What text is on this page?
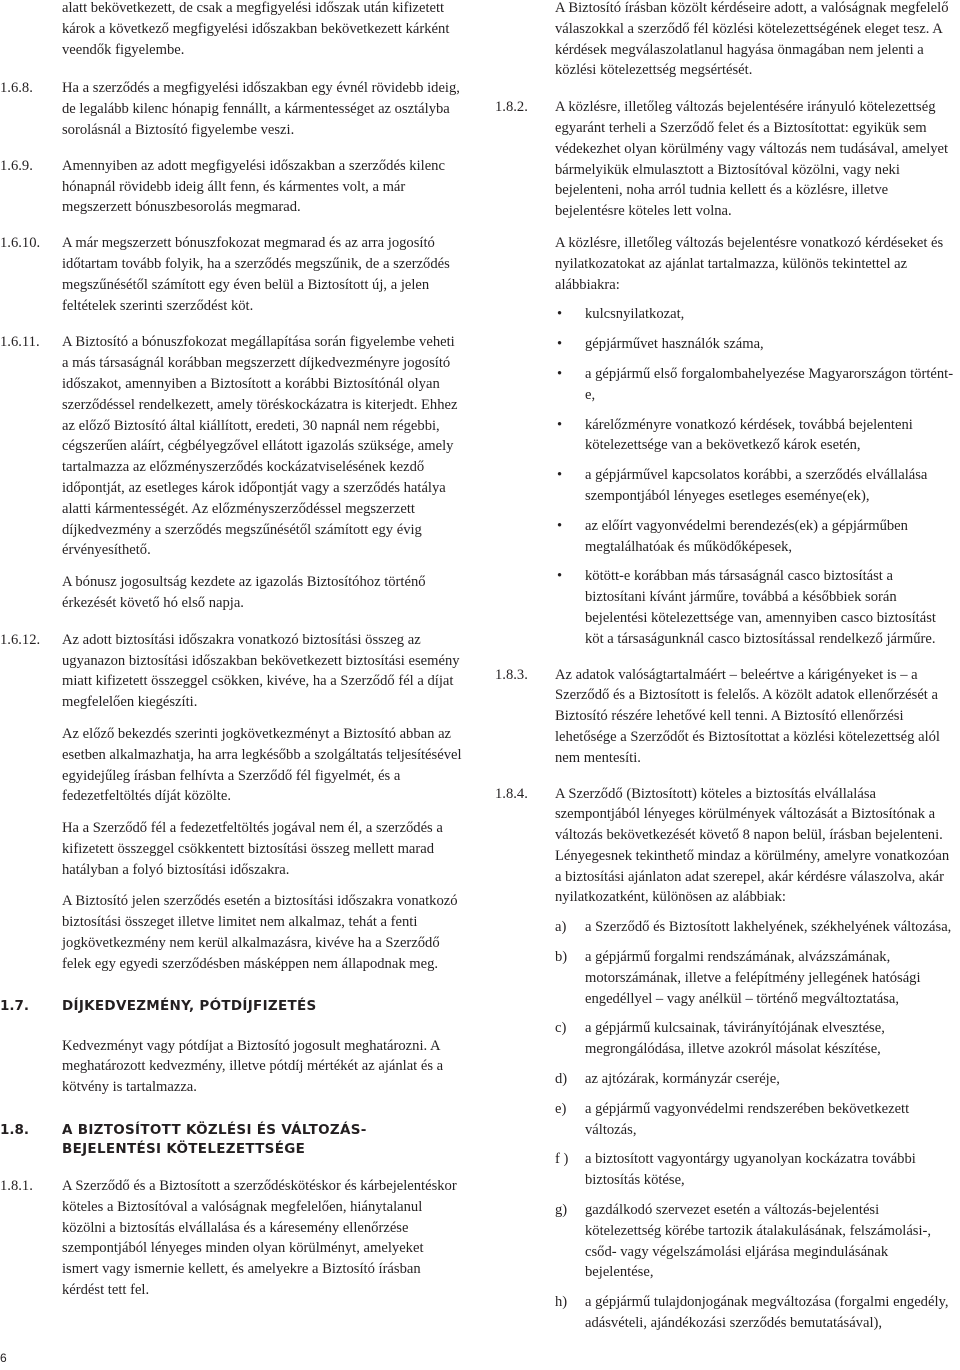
alatt bekövetkezett, de csak a megfigyelési időszak után kifizetett károk a következő megfigyelési időszakban bekövetkezett kárként veendők figyelembe.

1.6.8. Ha a szerződés a megfigyelési időszakban egy évnél rövidebb ideig, de legalább kilenc hónapig fennállt, a kármentességet az osztályba sorolásnál a Biztosító figyelembe veszi.

1.6.9. Amennyiben az adott megfigyelési időszakban a szerződés kilenc hónapnál rövidebb ideig állt fenn, és kármentes volt, a már megszerzett bónuszbesorolás megmarad.

1.6.10. A már megszerzett bónuszfokozat megmarad és az arra jogosító időtartam tovább folyik, ha a szerződés megszűnik, de a szerződés megszűnésétől számított egy éven belül a Biztosított új, a jelen feltételek szerinti szerződést köt.

1.6.11. A Biztosító a bónuszfokozat megállapítása során figyelembe veheti a más társaságnál korábban megszerzett díjkedvezményre jogosító időszakot, amennyiben a Biztosított a korábbi Biztosítónál olyan szerződéssel rendelkezett, amely töréskockázatra is kiterjedt. Ehhez az előző Biztosító által kiállított, eredeti, 30 napnál nem régebbi, cégszerűen aláírt, cégbélyegzővel ellátott igazolás szüksége, amely tartalmazza az előzményszerződés kockázatviselésének kezdő időpontját, az esetleges károk időpontját vagy a szerződés hatálya alatti kármentességét. Az előzményszerződéssel megszerzett díjkedvezmény a szerződés megszűnésétől számított egy évig érvényesíthető.

A bónusz jogosultság kezdete az igazolás Biztosítóhoz történő érkezését követő hó első napja.

1.6.12. Az adott biztosítási időszakra vonatkozó biztosítási összeg az ugyanazon biztosítási időszakban bekövetkezett biztosítási esemény miatt kifizetett összeggel csökken, kivéve, ha a Szerződő fél a díjat megfelelően kiegészíti.

Az előző bekezdés szerinti jogkövetkezményt a Biztosító abban az esetben alkalmazhatja, ha arra legkésőbb a szolgáltatás teljesítésével egyidejűleg írásban felhívta a Szerződő fél figyelmét, és a fedezetfeltöltés díját közölte.

Ha a Szerződő fél a fedezetfeltöltés jogával nem él, a szerződés a kifizetett összeggel csökkentett biztosítási összeg mellett marad hatályban a folyó biztosítási időszakra.

A Biztosító jelen szerződés esetén a biztosítási időszakra vonatkozó biztosítási összeget illetve limitet nem alkalmaz, tehát a fenti jogkövetkezmény nem kerül alkalmazásra, kivéve ha a Szerződő felek egy egyedi szerződésben másképpen nem állapodnak meg.

1.7. DÍJKEDVEZMÉNY, PÓTDÍJFIZETÉS

Kedvezményt vagy pótdíjat a Biztosító jogosult meghatározni. A meghatározott kedvezmény, illetve pótdíj mértékét az ajánlat és a kötvény is tartalmazza.

1.8. A BIZTOSÍTOTT KÖZLÉSI ÉS VÁLTOZÁS-BEJELENTÉSI KÖTELEZETTSÉGE

1.8.1. A Szerződő és a Biztosított a szerződéskötéskor és kárbejelentéskor köteles a Biztosítóval a valóságnak megfelelően, hiánytalanul közölni a biztosítás elvállalása és a káresemény ellenőrzése szempontjából lényeges minden olyan körülményt, amelyeket ismert vagy ismernie kellett, és amelyekre a Biztosító írásban kérdést tett fel.

A Biztosító írásban közölt kérdéseire adott, a valóságnak megfelelő válaszokkal a szerződő fél közlési kötelezettségének eleget tesz. A kérdések megválaszolatlanul hagyása önmagában nem jelenti a közlési kötelezettség megsértését.

1.8.2. A közlésre, illetőleg változás bejelentésére irányuló kötelezettség egyaránt terheli a Szerződő felet és a Biztosítottat: egyikük sem védekezhet olyan körülmény vagy változás nem tudásával, amelyet bármelyikük elmulasztott a Biztosítóval közölni, vagy neki bejelenteni, noha arról tudnia kellett és a közlésre, illetve bejelentésre köteles lett volna.

A közlésre, illetőleg változás bejelentésre vonatkozó kérdéseket és nyilatkozatokat az ajánlat tartalmazza, különös tekintettel az alábbiakra:

• kulcsnyilatkozat,
• gépjárművet használók száma,
• a gépjármű első forgalombahelyezése Magyarországon történt-e,
• kárelőzményre vonatkozó kérdések, továbbá bejelenteni kötelezettsége van a bekövetkező károk esetén,
• a gépjárművel kapcsolatos korábbi, a szerződés elvállalása szempontjából lényeges esetleges eseménye(ek),
• az előírt vagyonvédelmi berendezés(ek) a gépjárműben megtalálhatóak és működőképesek,
• kötött-e korábban más társaságnál casco biztosítást a biztosítani kívánt járműre, továbbá a későbbiek során bejelentési kötelezettsége van, amennyiben casco biztosítást köt a társaságunknál casco biztosítással rendelkező járműre.
1.8.3. Az adatok valóságtartalmáért – beleértve a kárigényeket is – a Szerződő és a Biztosított is felelős. A közölt adatok ellenőrzését a Biztosító részére lehetővé kell tenni. A Biztosító ellenőrzési lehetősége a Szerződőt és Biztosítottat a közlési kötelezettség alól nem mentesíti.

1.8.4. A Szerződő (Biztosított) köteles a biztosítás elvállalása szempontjából lényeges körülmények változását a Biztosítónak a változás bekövetkezését követő 8 napon belül, írásban bejelenteni. Lényegesnek tekinthető mindaz a körülmény, amelyre vonatkozóan a biztosítási ajánlaton adat szerepel, akár kérdésre válaszolva, akár nyilatkozatként, különösen az alábbiak:

a) a Szerződő és Biztosított lakhelyének, székhelyének változása,
b) a gépjármű forgalmi rendszámának, alvázszámának, motorszámának, illetve a felépítmény jellegének hatósági engedéllyel – vagy anélkül – történő megváltoztatása,
c) a gépjármű kulcsainak, távirányítójának elvesztése, megrongálódása, illetve azokról másolat készítése,
d) az ajtózárak, kormányzár cseréje,
e) a gépjármű vagyonvédelmi rendszerében bekövetkezett változás,
f ) a biztosított vagyontárgy ugyanolyan kockázatra további biztosítás kötése,
g) gazdálkodó szervezet esetén a változás-bejelentési kötelezettség körébe tartozik átalakulásának, felszámolási-, csőd- vagy végelszámolási eljárása megindulásának bejelentése,
h) a gépjármű tulajdonjogának megváltozása (forgalmi engedély, adásvételi, ajándékozási szerződés bemutatásával),
6
